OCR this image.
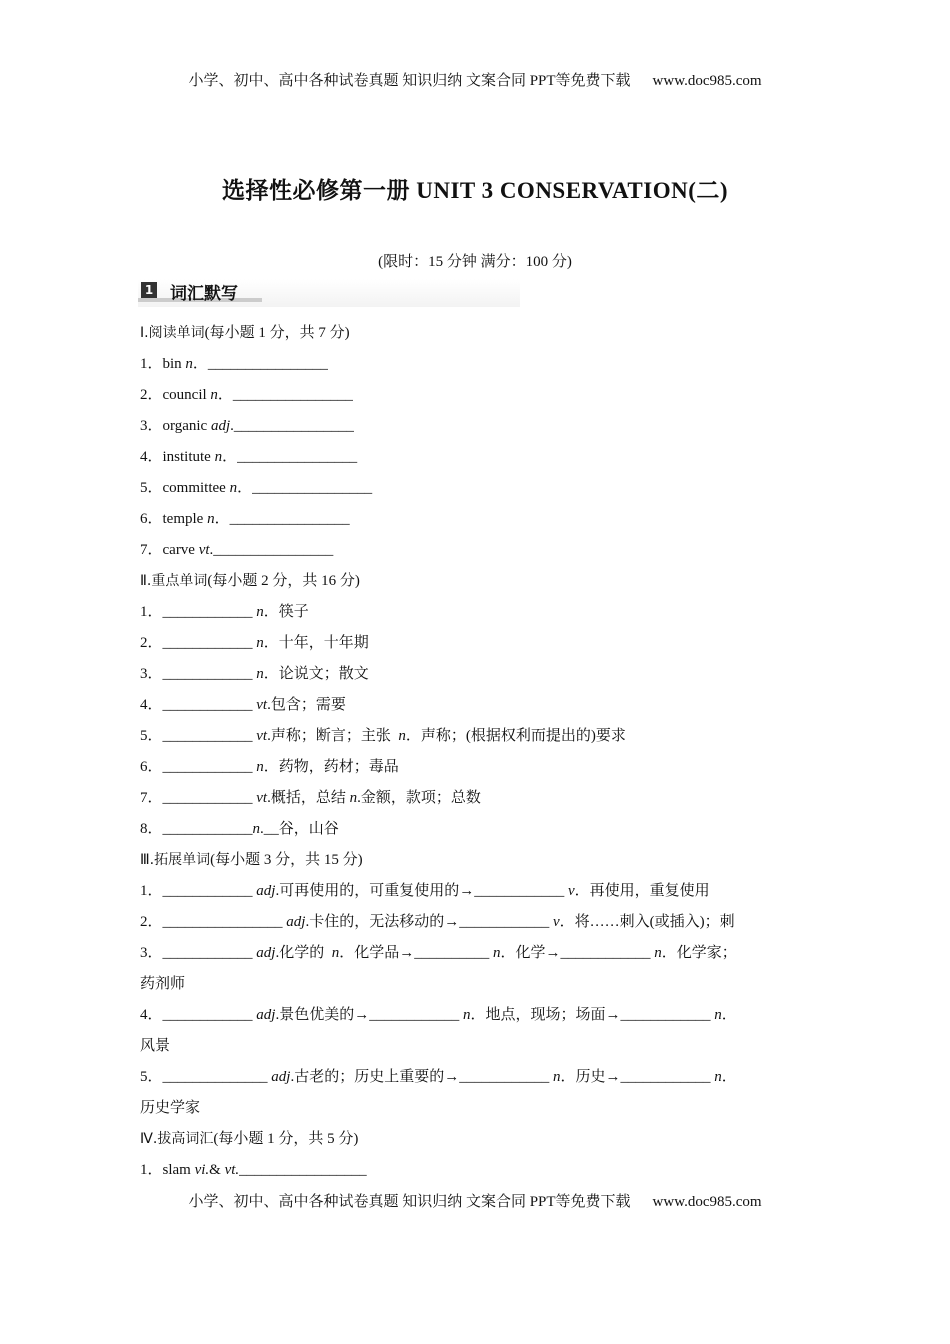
小学、初中、高中各种试卷真题 知识归纳 文案合同 PPT等免费下载 www.doc985.com
选择性必修第一册 UNIT 3 CONSERVATION(二)
(限时：15 分钟 满分：100 分)
1 词汇默写
Ⅰ.阅读单词(每小题 1 分，共 7 分)
1．bin n．________________
2．council n．________________
3．organic adj.________________
4．institute n．________________
5．committee n．________________
6．temple n．________________
7．carve vt.________________
Ⅱ.重点单词(每小题 2 分，共 16 分)
1．____________ n．筷子
2．____________ n．十年，十年期
3．____________ n．论说文；散文
4．____________ vt.包含；需要
5．____________ vt.声称；断言；主张  n．声称；(根据权利而提出的)要求
6．____________ n．药物，药材；毒品
7．____________ vt.概括，总结 n.金额，款项；总数
8．____________n.__谷，山谷
Ⅲ.拓展单词(每小题 3 分，共 15 分)
1．____________ adj.可再使用的，可重复使用的→____________ v．再使用，重复使用
2．________________ adj.卡住的，无法移动的→____________ v．将……刺入(或插入)；刺
3．____________ adj.化学的  n．化学品→__________ n．化学→____________ n．化学家；
药剂师
4．____________ adj.景色优美的→____________ n．地点，现场；场面→____________ n．
风景
5．______________ adj.古老的；历史上重要的→____________ n．历史→____________ n．
历史学家
Ⅳ.拔高词汇(每小题 1 分，共 5 分)
1．slam vi.& vt._________________
小学、初中、高中各种试卷真题 知识归纳 文案合同 PPT等免费下载 www.doc985.com
